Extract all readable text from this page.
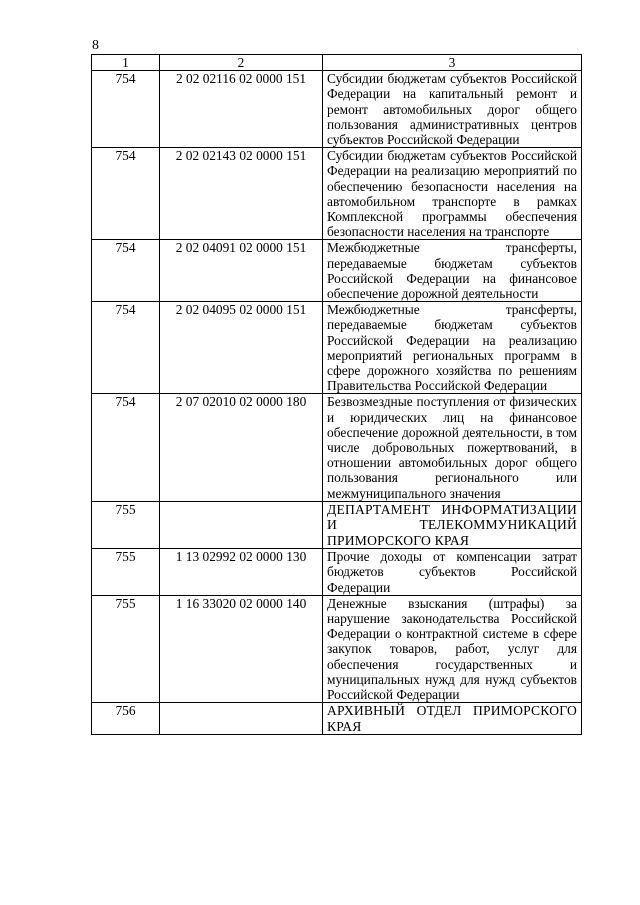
8
1	2	3
754	2 02 02116 02 0000 151	Субсидии бюджетам субъектов Российской Федерации на капитальный ремонт и ремонт автомобильных дорог общего пользования административных центров субъектов Российской Федерации
754	2 02 02143 02 0000 151	Субсидии бюджетам субъектов Российской Федерации на реализацию мероприятий по обеспечению безопасности населения на автомобильном транспорте в рамках Комплексной программы обеспечения безопасности населения на транспорте
754	2 02 04091 02 0000 151	Межбюджетные трансферты, передаваемые бюджетам субъектов Российской Федерации на финансовое обеспечение дорожной деятельности
754	2 02 04095 02 0000 151	Межбюджетные трансферты, передаваемые бюджетам субъектов Российской Федерации на реализацию мероприятий региональных программ в сфере дорожного хозяйства по решениям Правительства Российской Федерации
754	2 07 02010 02 0000 180	Безвозмездные поступления от физических и юридических лиц на финансовое обеспечение дорожной деятельности, в том числе добровольных пожертвований, в отношении автомобильных дорог общего пользования регионального или межмуниципального значения
755		ДЕПАРТАМЕНТ ИНФОРМАТИЗАЦИИ И ТЕЛЕКОММУНИКАЦИЙ ПРИМОРСКОГО КРАЯ
755	1 13 02992 02 0000 130	Прочие доходы от компенсации затрат бюджетов субъектов Российской Федерации
755	1 16 33020 02 0000 140	Денежные взыскания (штрафы) за нарушение законодательства Российской Федерации о контрактной системе в сфере закупок товаров, работ, услуг для обеспечения государственных и муниципальных нужд для нужд субъектов Российской Федерации
756		АРХИВНЫЙ ОТДЕЛ ПРИМОРСКОГО КРАЯ
